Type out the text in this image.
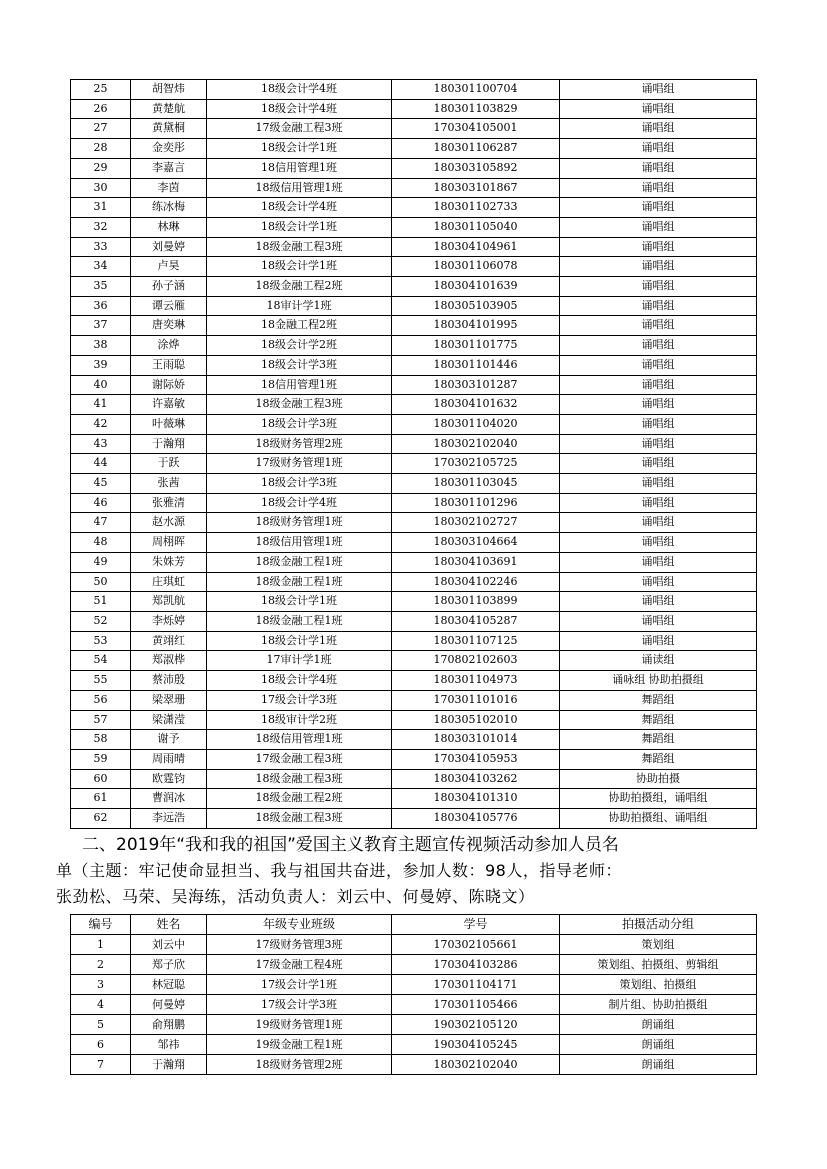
25	胡智炜	18级会计学4班	180301100704	诵唱组
26	黄楚航	18级会计学4班	180301103829	诵唱组
27	黄黛桐	17级金融工程3班	170304105001	诵唱组
28	金奕彤	18级会计学1班	180301106287	诵唱组
29	李嘉言	18信用管理1班	180303105892	诵唱组
30	李茵	18级信用管理1班	180303101867	诵唱组
31	练冰梅	18级会计学4班	180301102733	诵唱组
32	林琳	18级会计学1班	180301105040	诵唱组
33	刘曼婷	18级金融工程3班	180304104961	诵唱组
34	卢昊	18级会计学1班	180301106078	诵唱组
35	孙子涵	18级金融工程2班	180304101639	诵唱组
36	谭云雁	18审计学1班	180305103905	诵唱组
37	唐奕琳	18金融工程2班	180304101995	诵唱组
38	涂烨	18级会计学2班	180301101775	诵唱组
39	王雨聪	18级会计学3班	180301101446	诵唱组
40	谢际娇	18信用管理1班	180303101287	诵唱组
41	许嘉敏	18级金融工程3班	180304101632	诵唱组
42	叶薇琳	18级会计学3班	180301104020	诵唱组
43	于瀚翔	18级财务管理2班	180302102040	诵唱组
44	于跃	17级财务管理1班	170302105725	诵唱组
45	张茜	18级会计学3班	180301103045	诵唱组
46	张雅清	18级会计学4班	180301101296	诵唱组
47	赵水源	18级财务管理1班	180302102727	诵唱组
48	周栩晖	18级信用管理1班	180303104664	诵唱组
49	朱姝芳	18级金融工程1班	180304103691	诵唱组
50	庄琪虹	18级金融工程1班	180304102246	诵唱组
51	郑凯航	18级会计学1班	180301103899	诵唱组
52	李烁婷	18级金融工程1班	180304105287	诵唱组
53	黄翊红	18级会计学1班	180301107125	诵唱组
54	郑淑桦	17审计学1班	170802102603	诵读组
55	蔡沛殷	18级会计学4班	180301104973	诵咏组 协助拍摄组
56	梁翠珊	17级会计学3班	170301101016	舞蹈组
57	梁潇滢	18级审计学2班	180305102010	舞蹈组
58	谢予	18级信用管理1班	180303101014	舞蹈组
59	周雨晴	17级金融工程3班	170304105953	舞蹈组
60	欧霆钧	18级金融工程3班	180304103262	协助拍摄
61	曹润冰	18级金融工程2班	180304101310	协助拍摄组，诵唱组
62	李远浩	18级金融工程3班	180304105776	协助拍摄组、诵唱组

二、2019年“我和我的祖国”爱国主义教育主题宣传视频活动参加人员名

单（主题：牢记使命显担当、我与祖国共奋进，参加人数：98人，指导老师：

张劲松、马荣、吴海练，活动负责人：刘云中、何曼婷、陈晓文）

编号	姓名	年级专业班级	学号	拍摄活动分组
1	刘云中	17级财务管理3班	170302105661	策划组
2	郑子欣	17级金融工程4班	170304103286	策划组、拍摄组、剪辑组
3	林冠聪	17级会计学1班	170301104171	策划组、拍摄组
4	何曼婷	17级会计学3班	170301105466	制片组、协助拍摄组
5	俞翔鹏	19级财务管理1班	190302105120	朗诵组
6	邹祎	19级金融工程1班	190304105245	朗诵组
7	于瀚翔	18级财务管理2班	180302102040	朗诵组
